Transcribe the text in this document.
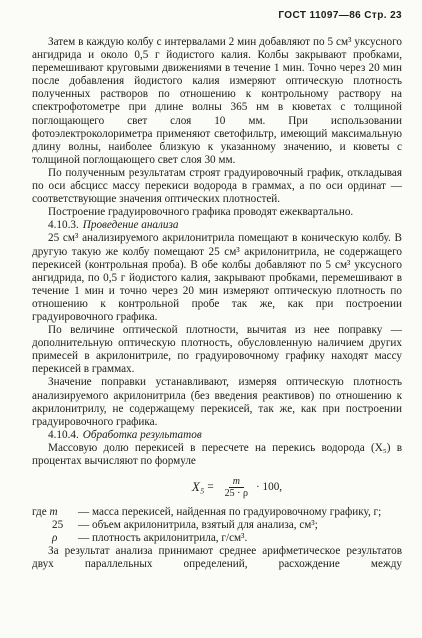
ГОСТ 11097—86 Стр. 23

Затем в каждую колбу с интервалами 2 мин добавляют по 5 см³ уксусного ангидрида и около 0,5 г йодистого калия. Колбы закрывают пробками, перемешивают круговыми движениями в течение 1 мин. Точно через 20 мин после добавления йодистого калия измеряют оптическую плотность полученных растворов по отношению к контрольному раствору на спектрофотометре при длине волны 365 нм в кюветах с толщиной поглощающего свет слоя 10 мм. При использовании фотоэлектроколориметра применяют светофильтр, имеющий максимальную длину волны, наиболее близкую к указанному значению, и кюветы с толщиной поглощающего свет слоя 30 мм.

По полученным результатам строят градуировочный график, откладывая по оси абсцисс массу перекиси водорода в граммах, а по оси ординат — соответствующие значения оптических плотностей.

Построение градуировочного графика проводят ежеквартально.

4.10.3. Проведение анализа

25 см³ анализируемого акрилонитрила помещают в коническую колбу. В другую такую же колбу помещают 25 см³ акрилонитрила, не содержащего перекисей (контрольная проба). В обе колбы добавляют по 5 см³ уксусного ангидрида, по 0,5 г йодистого калия, закрывают пробками, перемешивают в течение 1 мин и точно через 20 мин измеряют оптическую плотность по отношению к контрольной пробе так же, как при построении градуировочного графика.

По величине оптической плотности, вычитая из нее поправку — дополнительную оптическую плотность, обусловленную наличием других примесей в акрилонитриле, по градуировочному графику находят массу перекисей в граммах.

Значение поправки устанавливают, измеряя оптическую плотность анализируемого акрилонитрила (без введения реактивов) по отношению к акрилонитрилу, не содержащему перекисей, так же, как при построении градуировочного графика.

4.10.4. Обработка результатов

Массовую долю перекисей в пересчете на перекись водорода (X₅) в процентах вычисляют по формуле

$X_5 = \frac{m}{25 \cdot \rho} \cdot 100$,
где m	— масса перекисей, найденная по градуировочному графику, г;
25	— объем акрилонитрила, взятый для анализа, см³;
ρ	— плотность акрилонитрила, г/см³.

За результат анализа принимают среднее арифметическое результатов двух параллельных определений, расхождение между
